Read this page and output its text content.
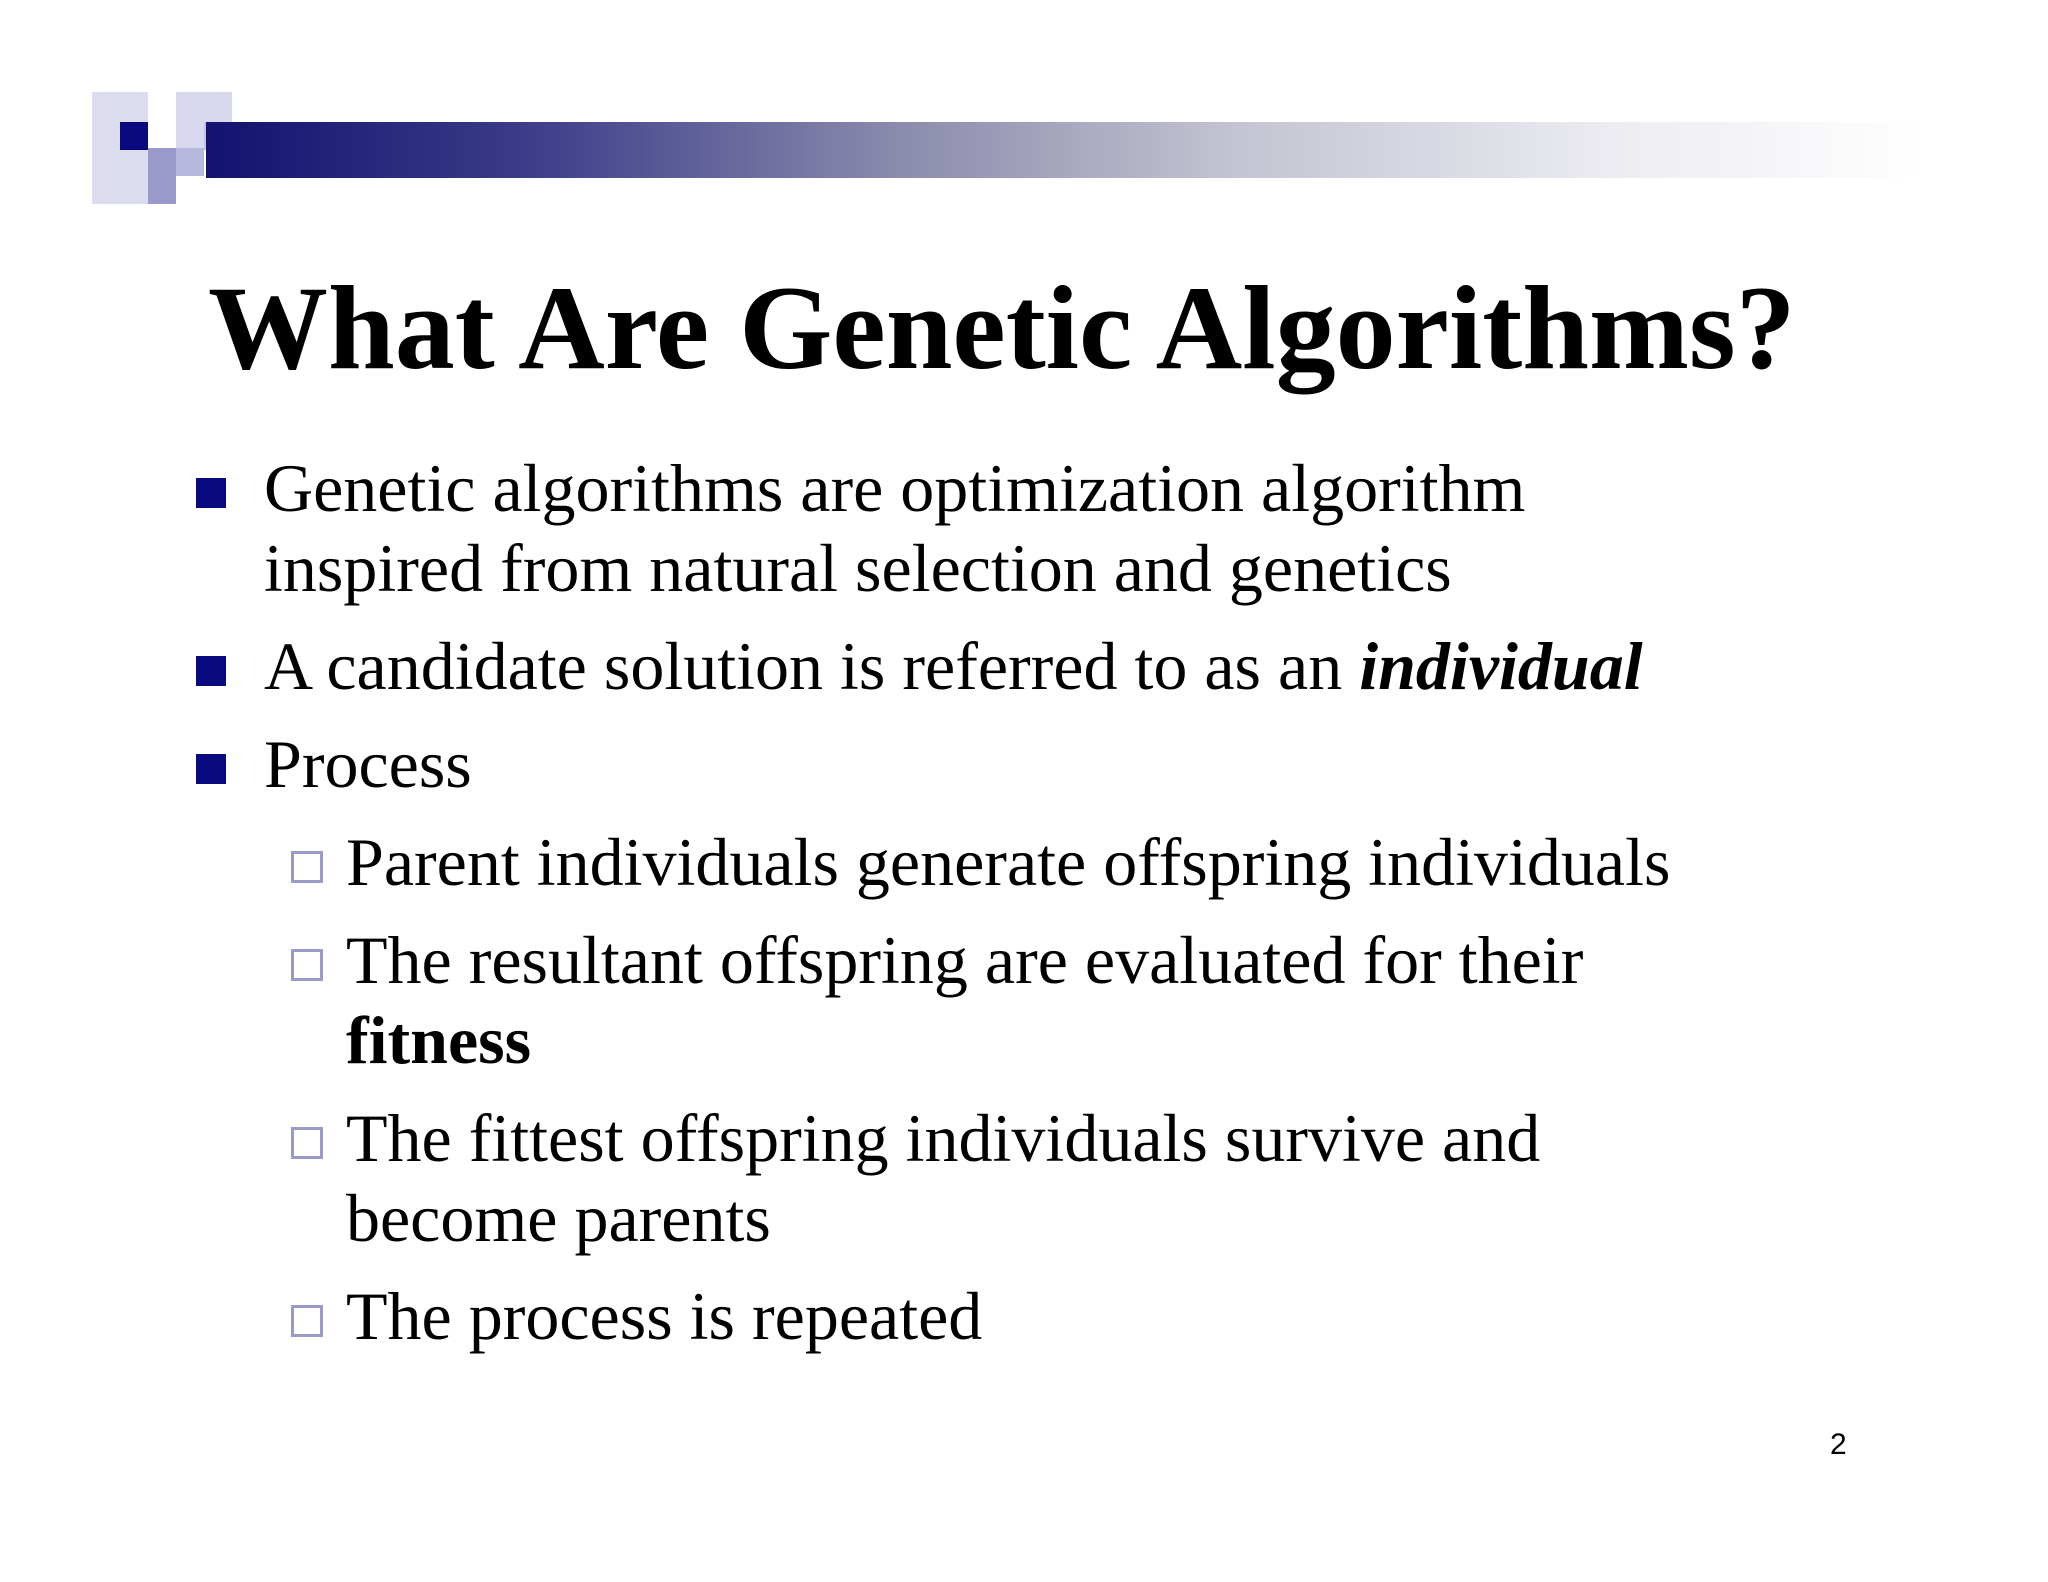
What Are Genetic Algorithms?
Genetic algorithms are optimization algorithm
inspired from natural selection and genetics
A candidate solution is referred to as an individual
Process
Parent individuals generate offspring individuals
The resultant offspring are evaluated for their
fitness
The fittest offspring individuals survive and
become parents
The process is repeated
2
